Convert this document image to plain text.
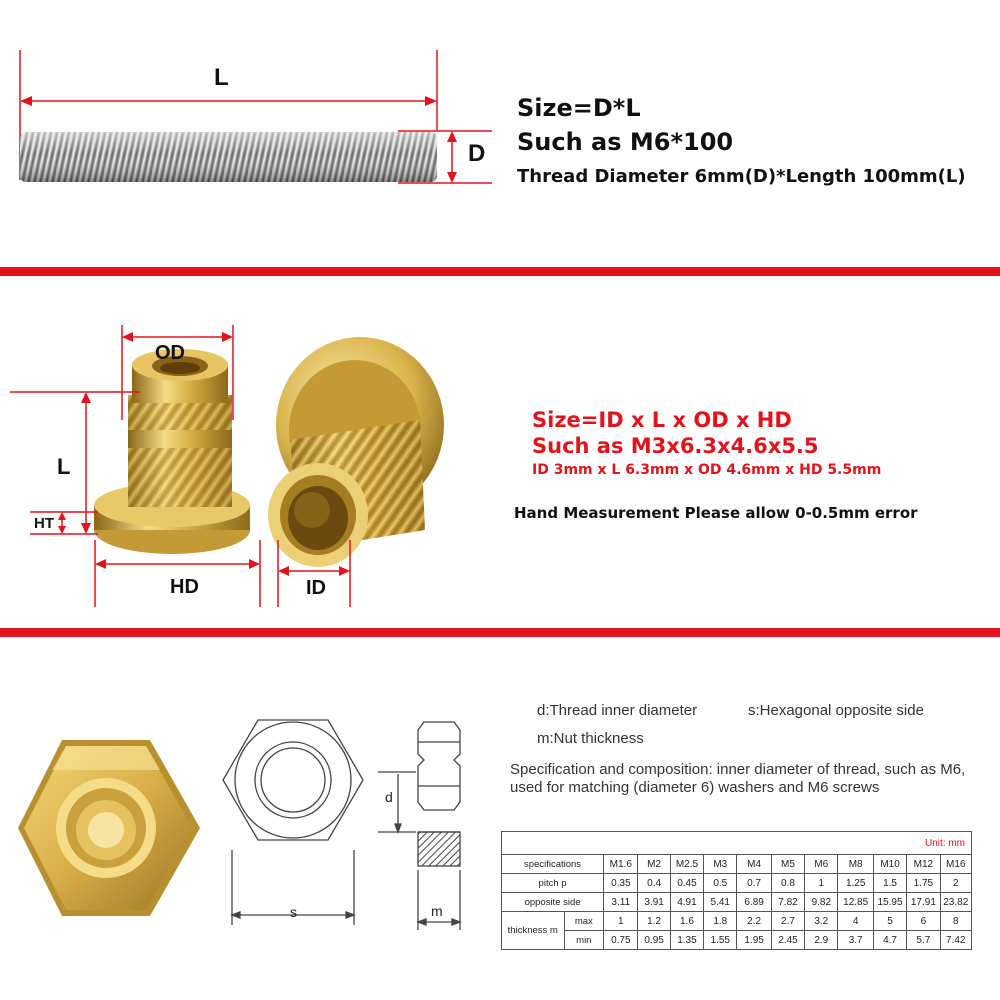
L
D
Size=D*L
Such as M6*100
Thread Diameter 6mm(D)*Length 100mm(L)
OD
L
HT
HD	ID
Size=ID x L x OD x HD
Such as M3x6.3x4.6x5.5
ID 3mm x L 6.3mm x OD 4.6mm x HD 5.5mm
Hand Measurement Please allow 0-0.5mm error
d
s	m
d:Thread inner diameter	s:Hexagonal opposite side
m:Nut thickness
Specification and composition: inner diameter of thread, such as M6,
used for matching (diameter 6) washers and M6 screws
Unit: mm												
specifications		M1.6	M2	M2.5	M3	M4	M5	M6	M8	M10	M12	M16
pitch p		0.35	0.4	0.45	0.5	0.7	0.8	1	1.25	1.5	1.75	2
opposite side		3.11	3.91	4.91	5.41	6.89	7.82	9.82	12.85	15.95	17.91	23.82
thickness m	max	1	1.2	1.6	1.8	2.2	2.7	3.2	4	5	6	8
	min	0.75	0.95	1.35	1.55	1.95	2.45	2.9	3.7	4.7	5.7	7.42
